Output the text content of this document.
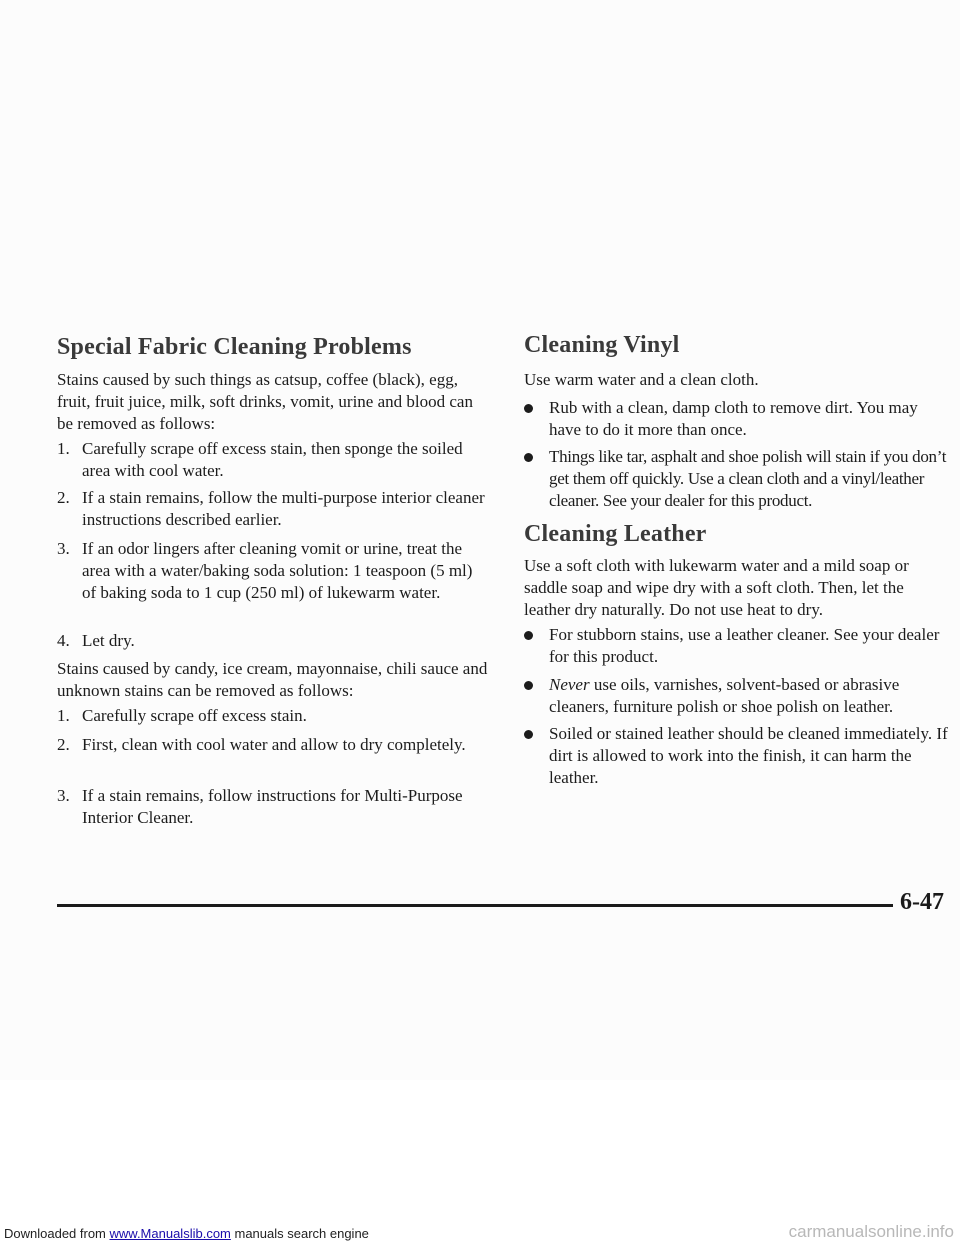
Special Fabric Cleaning Problems

Stains caused by such things as catsup, coffee (black), egg, fruit, fruit juice, milk, soft drinks, vomit, urine and blood can be removed as follows:

1. Carefully scrape off excess stain, then sponge the soiled area with cool water.
2. If a stain remains, follow the multi-purpose interior cleaner instructions described earlier.
3. If an odor lingers after cleaning vomit or urine, treat the area with a water/baking soda solution: 1 teaspoon (5 ml) of baking soda to 1 cup (250 ml) of lukewarm water.
4. Let dry.

Stains caused by candy, ice cream, mayonnaise, chili sauce and unknown stains can be removed as follows:

1. Carefully scrape off excess stain.
2. First, clean with cool water and allow to dry completely.
3. If a stain remains, follow instructions for Multi-Purpose Interior Cleaner.
Cleaning Vinyl

Use warm water and a clean cloth.

Rub with a clean, damp cloth to remove dirt. You may have to do it more than once.
Things like tar, asphalt and shoe polish will stain if you don’t get them off quickly. Use a clean cloth and a vinyl/leather cleaner. See your dealer for this product.
Cleaning Leather

Use a soft cloth with lukewarm water and a mild soap or saddle soap and wipe dry with a soft cloth. Then, let the leather dry naturally. Do not use heat to dry.

For stubborn stains, use a leather cleaner. See your dealer for this product.
Never use oils, varnishes, solvent-based or abrasive cleaners, furniture polish or shoe polish on leather.
Soiled or stained leather should be cleaned immediately. If dirt is allowed to work into the finish, it can harm the leather.
6-47
Downloaded from www.Manualslib.com manuals search engine	carmanualsonline.info
